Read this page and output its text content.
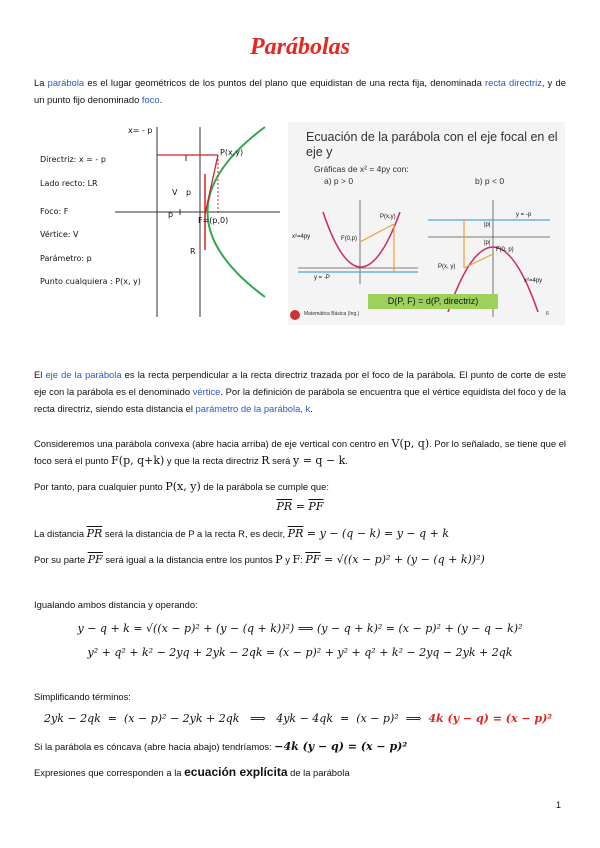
Parábolas
La parábola es el lugar geométricos de los puntos del plano que equidistan de una recta fija, denominada recta directriz, y de un punto fijo denominado foco.
Directriz: x = - p
Lado recto: LR
Foco: F
Vértice: V
Parámetro: p
Punto cualquiera : P(x, y)
x= - p
P(x,y)
F=(p,0)
V p
p
R
Ecuación de la parábola con el eje focal en el eje y
Gráficas de x² = 4py con:
a) p > 0	b) p < 0
x²=4py	F(0,p)
P(x,y)
y = -P
y = -p
|p|
|p|
F(0, p)
P(x, y)
x²=4py
D(P, F) = d(P, directriz)
Matemática Básica (Ing.)	6
El eje de la parábola es la recta perpendicular a la recta directriz trazada por el foco de la parábola. El punto de corte de este eje con la parábola es el denominado vértice. Por la definición de parábola se encuentra que el vértice equidista del foco y de la recta directriz, siendo esta distancia el parámetro de la parábola, k.
Consideremos una parábola convexa (abre hacia arriba) de eje vertical con centro en V(p, q). Por lo señalado, se tiene que el foco será el punto F(p, q+k) y que la recta directriz R será y = q − k.
Por tanto, para cualquier punto P(x, y) de la parábola se cumple que:
$\overline{PR} = \overline{PF}$
La distancia $\overline{PR}$ será la distancia de P a la recta R, es decir, $\overline{PR} = y - (q - k) = y - q + k$
Por su parte $\overline{PF}$ será igual a la distancia entre los puntos P y F: $\overline{PF} = √((x - p)^2 + (y - (q + k))^2)$
Igualando ambos distancia y operando:
y − q + k = √((x − p)² + (y − (q + k))²) ⟹ (y − q + k)² = (x − p)² + (y − q − k)²
y² + q² + k² − 2yq + 2yk − 2qk = (x − p)² + y² + q² + k² − 2yq − 2yk + 2qk
Simplificando términos:
2yk − 2qk  =  (x − p)² − 2yk + 2qk   ⟹   4yk − 4qk  =  (x − p)²  ⟹  4k (y − q) = (x − p)²
Si la parábola es cóncava (abre hacia abajo) tendríamos: −4k (y − q) = (x − p)²
Expresiones que corresponden a la ecuación explícita de la parábola
1
